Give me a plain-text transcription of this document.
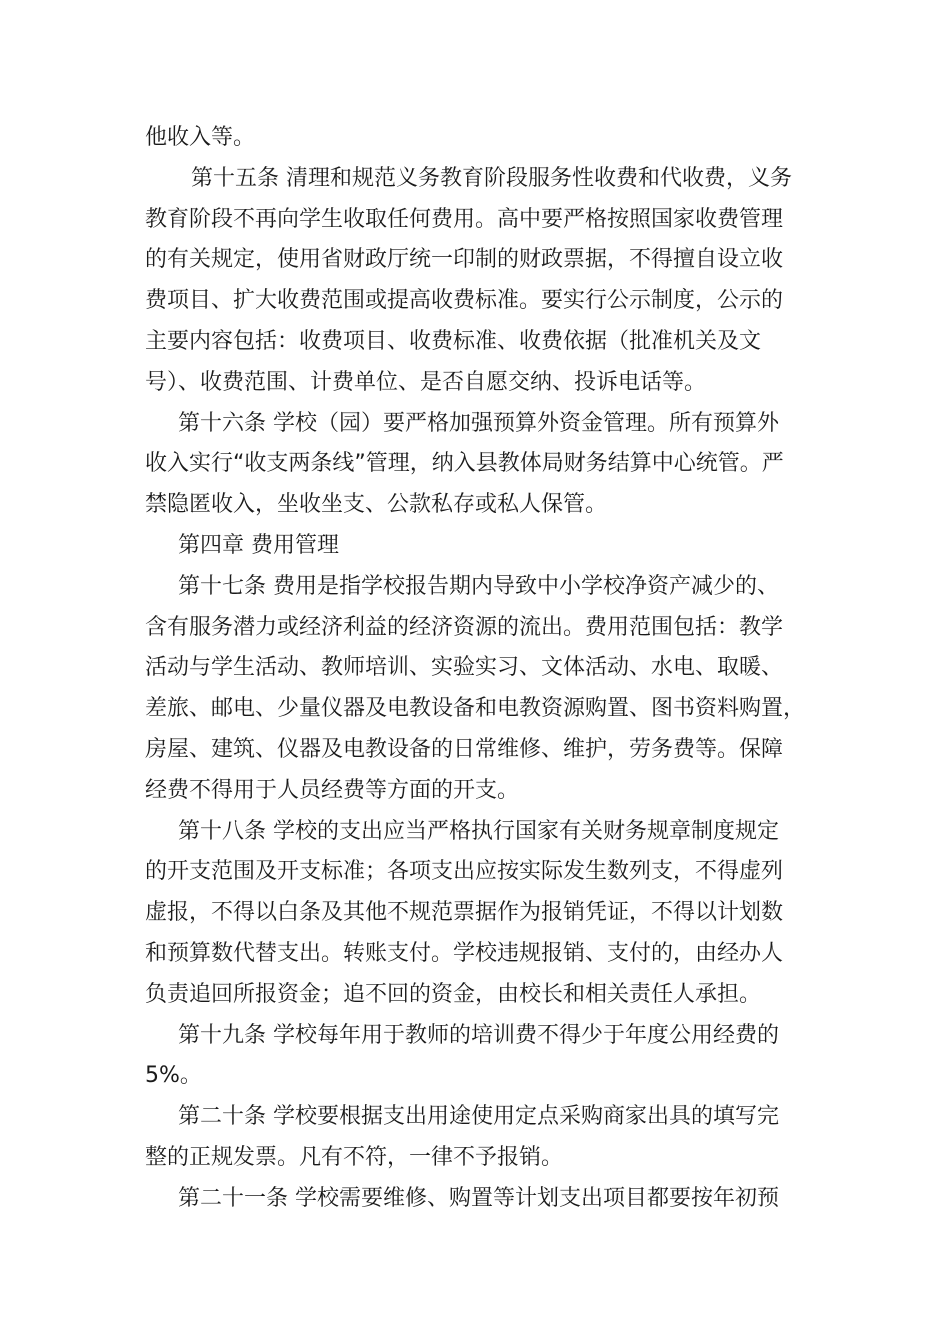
他收入等。
第十五条 清理和规范义务教育阶段服务性收费和代收费，义务
教育阶段不再向学生收取任何费用。高中要严格按照国家收费管理
的有关规定，使用省财政厅统一印制的财政票据，不得擅自设立收
费项目、扩大收费范围或提高收费标准。要实行公示制度，公示的
主要内容包括：收费项目、收费标准、收费依据（批准机关及文
号）、收费范围、计费单位、是否自愿交纳、投诉电话等。
第十六条 学校（园）要严格加强预算外资金管理。所有预算外
收入实行“收支两条线”管理，纳入县教体局财务结算中心统管。严
禁隐匿收入，坐收坐支、公款私存或私人保管。
第四章 费用管理
第十七条 费用是指学校报告期内导致中小学校净资产减少的、
含有服务潜力或经济利益的经济资源的流出。费用范围包括：教学
活动与学生活动、教师培训、实验实习、文体活动、水电、取暖、
差旅、邮电、少量仪器及电教设备和电教资源购置、图书资料购置，
房屋、建筑、仪器及电教设备的日常维修、维护，劳务费等。保障
经费不得用于人员经费等方面的开支。
第十八条 学校的支出应当严格执行国家有关财务规章制度规定
的开支范围及开支标准；各项支出应按实际发生数列支，不得虚列
虚报，不得以白条及其他不规范票据作为报销凭证，不得以计划数
和预算数代替支出。转账支付。学校违规报销、支付的，由经办人
负责追回所报资金；追不回的资金，由校长和相关责任人承担。
第十九条 学校每年用于教师的培训费不得少于年度公用经费的
5%。
第二十条 学校要根据支出用途使用定点采购商家出具的填写完
整的正规发票。凡有不符，一律不予报销。
第二十一条 学校需要维修、购置等计划支出项目都要按年初预
